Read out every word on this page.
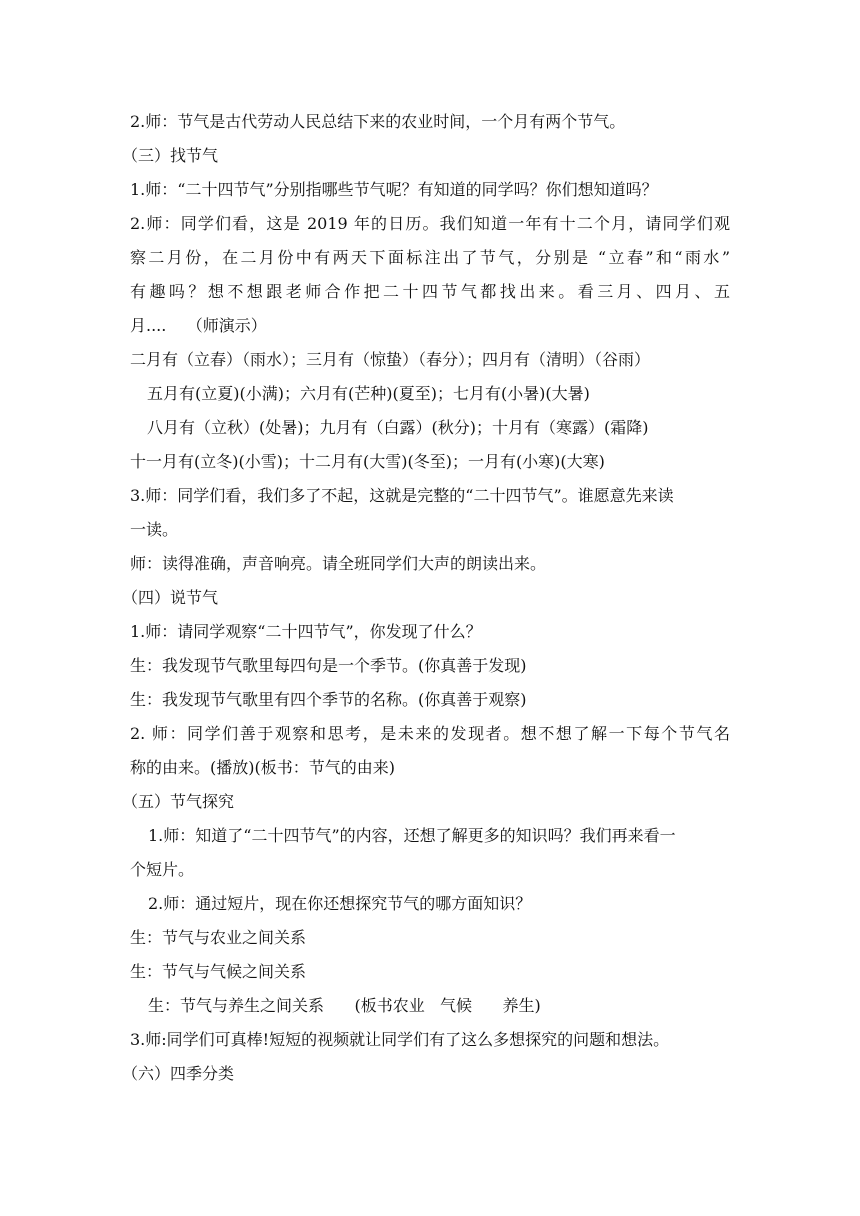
2.师：节气是古代劳动人民总结下来的农业时间，一个月有两个节气。
（三）找节气
1.师：“二十四节气”分别指哪些节气呢？有知道的同学吗？你们想知道吗？
2.师：同学们看，这是 2019 年的日历。我们知道一年有十二个月，请同学们观
察二月份，在二月份中有两天下面标注出了节气，分别是 “立春”和“雨水”
有趣吗？想不想跟老师合作把二十四节气都找出来。看三月、四月、五
月....    （师演示）
二月有（立春）（雨水）；三月有（惊蛰）（春分）；四月有（清明）（谷雨）
五月有(立夏)(小满)；六月有(芒种)(夏至)；七月有(小暑)(大暑)
八月有（立秋）(处暑)；九月有（白露）(秋分)；十月有（寒露）(霜降)
十一月有(立冬)(小雪)；十二月有(大雪)(冬至)；一月有(小寒)(大寒)
3.师：同学们看，我们多了不起，这就是完整的“二十四节气”。谁愿意先来读
一读。
师：读得准确，声音响亮。请全班同学们大声的朗读出来。
（四）说节气
1.师：请同学观察“二十四节气”，你发现了什么？
生：我发现节气歌里每四句是一个季节。(你真善于发现)
生：我发现节气歌里有四个季节的名称。(你真善于观察)
2. 师：同学们善于观察和思考，是未来的发现者。想不想了解一下每个节气名
称的由来。(播放)(板书：节气的由来)
（五）节气探究
1.师：知道了“二十四节气”的内容，还想了解更多的知识吗？我们再来看一
个短片。
2.师：通过短片，现在你还想探究节气的哪方面知识？
生：节气与农业之间关系
生：节气与气候之间关系
生：节气与养生之间关系      (板书农业   气候      养生)
3.师:同学们可真棒!短短的视频就让同学们有了这么多想探究的问题和想法。
（六）四季分类
